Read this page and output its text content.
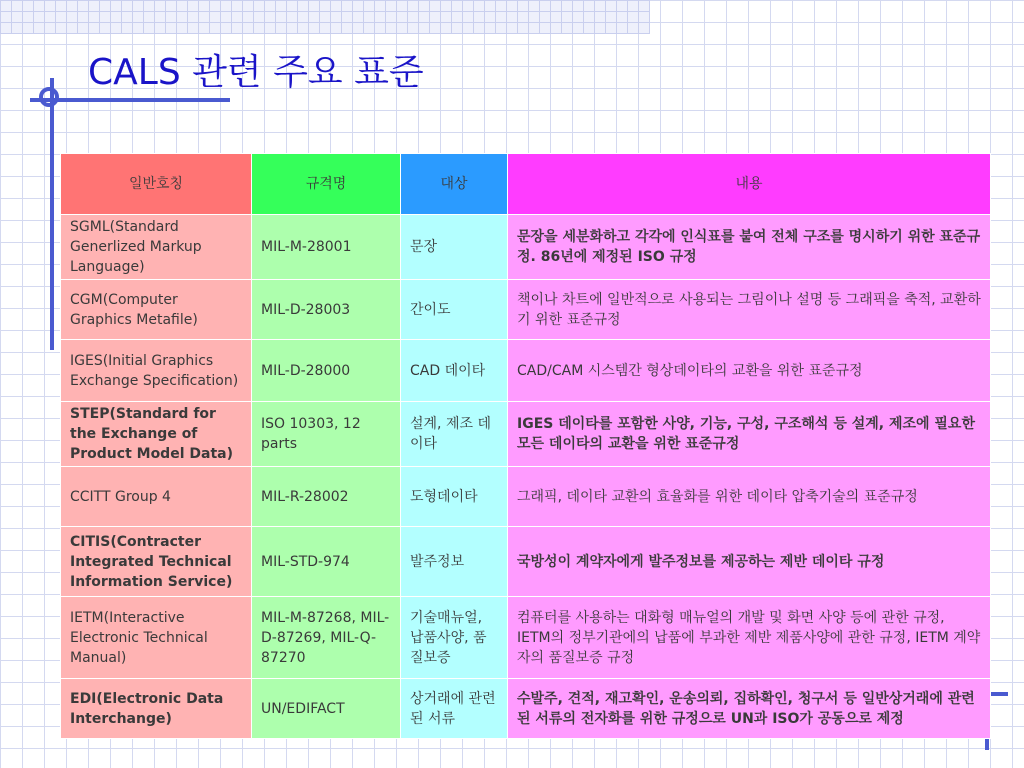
CALS 관련 주요 표준
일반호칭	규격명	대상	내용
SGML(Standard Generlized Markup Language)	MIL-M-28001	문장	문장을 세분화하고 각각에 인식표를 붙여 전체 구조를 명시하기 위한 표준규정. 86년에 제정된 ISO 규정
CGM(Computer Graphics Metafile)	MIL-D-28003	간이도	책이나 차트에 일반적으로 사용되는 그림이나 설명 등 그래픽을 축적, 교환하기 위한 표준규정
IGES(Initial Graphics Exchange Specification)	MIL-D-28000	CAD 데이타	CAD/CAM 시스템간 형상데이타의 교환을 위한 표준규정
STEP(Standard for the Exchange of Product Model Data)	ISO 10303, 12 parts	설계, 제조 데이타	IGES 데이타를 포함한 사양, 기능, 구성, 구조해석 등 설계, 제조에 필요한 모든 데이타의 교환을 위한 표준규정
CCITT Group 4	MIL-R-28002	도형데이타	그래픽, 데이타 교환의 효율화를 위한 데이타 압축기술의 표준규정
CITIS(Contracter Integrated Technical Information Service)	MIL-STD-974	발주정보	국방성이 계약자에게 발주정보를 제공하는 제반 데이타 규정
IETM(Interactive Electronic Technical Manual)	MIL-M-87268, MIL-D-87269, MIL-Q-87270	기술매뉴얼, 납품사양, 품질보증	컴퓨터를 사용하는 대화형 매뉴얼의 개발 및 화면 사양 등에 관한 규정, IETM의 정부기관에의 납품에 부과한 제반 제품사양에 관한 규정, IETM 계약자의 품질보증 규정
EDI(Electronic Data Interchange)	UN/EDIFACT	상거래에 관련된 서류	수발주, 견적, 재고확인, 운송의뢰, 집하확인, 청구서 등 일반상거래에 관련된 서류의 전자화를 위한 규정으로 UN과 ISO가 공동으로 제정
